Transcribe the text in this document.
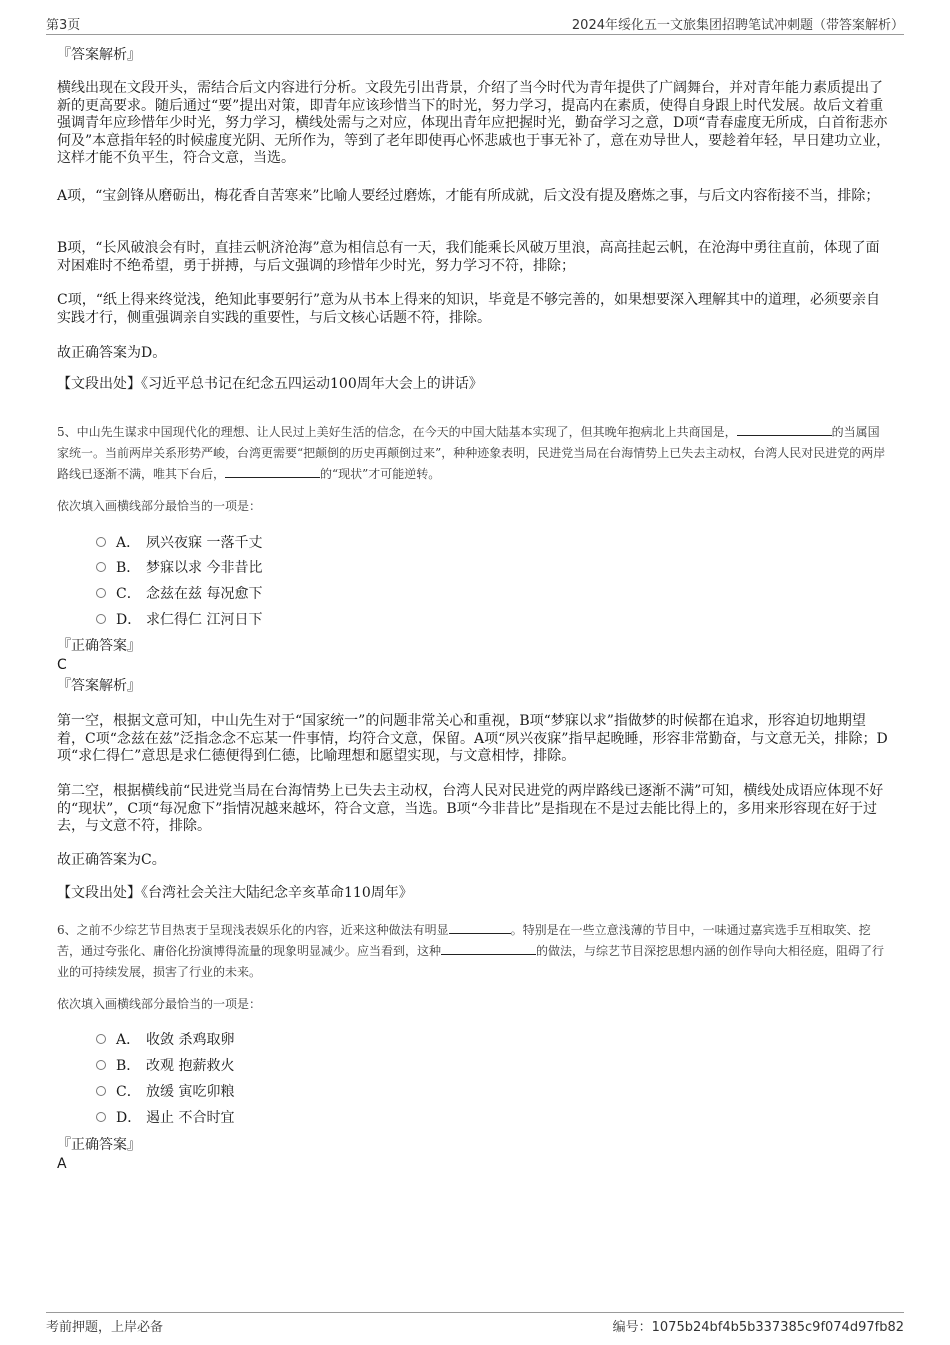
第3页	2024年绥化五一文旅集团招聘笔试冲刺题（带答案解析）
『答案解析』

横线出现在文段开头，需结合后文内容进行分析。文段先引出背景，介绍了当今时代为青年提供了广阔舞台，并对青年能力素质提出了新的更高要求。随后通过“要”提出对策，即青年应该珍惜当下的时光，努力学习，提高内在素质，使得自身跟上时代发展。故后文着重强调青年应珍惜年少时光，努力学习，横线处需与之对应，体现出青年应把握时光，勤奋学习之意，D项“青春虚度无所成，白首衔悲亦何及”本意指年轻的时候虚度光阴、无所作为，等到了老年即使再心怀悲戚也于事无补了，意在劝导世人，要趁着年轻，早日建功立业，这样才能不负平生，符合文意，当选。

A项，“宝剑锋从磨砺出，梅花香自苦寒来”比喻人要经过磨炼，才能有所成就，后文没有提及磨炼之事，与后文内容衔接不当，排除；

B项，“长风破浪会有时，直挂云帆济沧海”意为相信总有一天，我们能乘长风破万里浪，高高挂起云帆，在沧海中勇往直前，体现了面对困难时不绝希望，勇于拼搏，与后文强调的珍惜年少时光，努力学习不符，排除；

C项，“纸上得来终觉浅，绝知此事要躬行”意为从书本上得来的知识，毕竟是不够完善的，如果想要深入理解其中的道理，必须要亲自实践才行，侧重强调亲自实践的重要性，与后文核心话题不符，排除。

故正确答案为D。

【文段出处】《习近平总书记在纪念五四运动100周年大会上的讲话》

5、中山先生谋求中国现代化的理想、让人民过上美好生活的信念，在今天的中国大陆基本实现了，但其晚年抱病北上共商国是，	的当属国家统一。当前两岸关系形势严峻，台湾更需要“把颠倒的历史再颠倒过来”，种种迹象表明，民进党当局在台海情势上已失去主动权，台湾人民对民进党的两岸路线已逐渐不满，唯其下台后，	的“现状”才可能逆转。
依次填入画横线部分最恰当的一项是：
A． 夙兴夜寐 一落千丈
B． 梦寐以求 今非昔比
C． 念兹在兹 每况愈下
D． 求仁得仁 江河日下
『正确答案』
C
『答案解析』

第一空，根据文意可知，中山先生对于“国家统一”的问题非常关心和重视，B项“梦寐以求”指做梦的时候都在追求，形容迫切地期望着，C项“念兹在兹”泛指念念不忘某一件事情，均符合文意，保留。A项“夙兴夜寐”指早起晚睡，形容非常勤奋，与文意无关，排除；D项“求仁得仁”意思是求仁德便得到仁德，比喻理想和愿望实现，与文意相悖，排除。

第二空，根据横线前“民进党当局在台海情势上已失去主动权，台湾人民对民进党的两岸路线已逐渐不满”可知，横线处成语应体现不好的“现状”，C项“每况愈下”指情况越来越坏，符合文意，当选。B项“今非昔比”是指现在不是过去能比得上的，多用来形容现在好于过去，与文意不符，排除。

故正确答案为C。

【文段出处】《台湾社会关注大陆纪念辛亥革命110周年》

6、之前不少综艺节目热衷于呈现浅表娱乐化的内容，近来这种做法有明显	。特别是在一些立意浅薄的节目中，一味通过嘉宾选手互相取笑、挖苦，通过夸张化、庸俗化扮演博得流量的现象明显减少。应当看到，这种	的做法，与综艺节目深挖思想内涵的创作导向大相径庭，阻碍了行业的可持续发展，损害了行业的未来。
依次填入画横线部分最恰当的一项是：
A． 收敛 杀鸡取卵
B． 改观 抱薪救火
C． 放缓 寅吃卯粮
D． 遏止 不合时宜
『正确答案』
A
考前押题，上岸必备	编号：1075b24bf4b5b337385c9f074d97fb82
